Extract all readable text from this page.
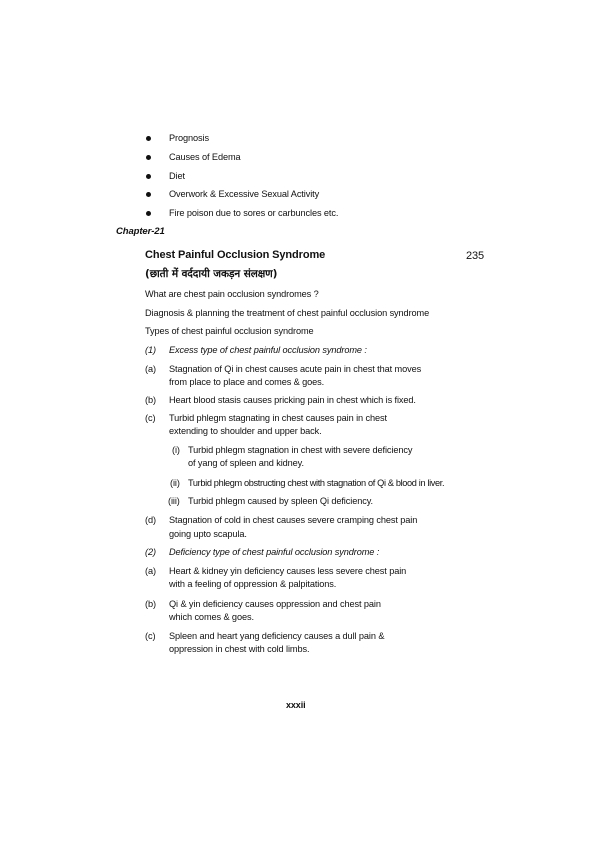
Prognosis
Causes of Edema
Diet
Overwork & Excessive Sexual Activity
Fire poison due to sores or carbuncles etc.
Chapter-21
Chest Painful Occlusion Syndrome	235
(छाती में वर्ददायी जकड़न संलक्षण)
What are chest pain occlusion syndromes ?
Diagnosis & planning the treatment of chest painful occlusion syndrome
Types of chest painful occlusion syndrome
(1) Excess type of chest painful occlusion syndrome :
(a) Stagnation of Qi in chest causes acute pain in chest that moves
from place to place and comes & goes.
(b) Heart blood stasis causes pricking pain in chest which is fixed.
(c) Turbid phlegm stagnating in chest causes pain in chest
extending to shoulder and upper back.
(i) Turbid phlegm stagnation in chest with severe deficiency
of yang of spleen and kidney.
(ii) Turbid phlegm obstructing chest with stagnation of Qi & blood in liver.
(iii) Turbid phlegm caused by spleen Qi deficiency.
(d) Stagnation of cold in chest causes severe cramping chest pain
going upto scapula.
(2) Deficiency type of chest painful occlusion syndrome :
(a) Heart & kidney yin deficiency causes less severe chest pain
with a feeling of oppression & palpitations.
(b) Qi & yin deficiency causes oppression and chest pain
which comes & goes.
(c) Spleen and heart yang deficiency causes a dull pain &
oppression in chest with cold limbs.
xxxii
